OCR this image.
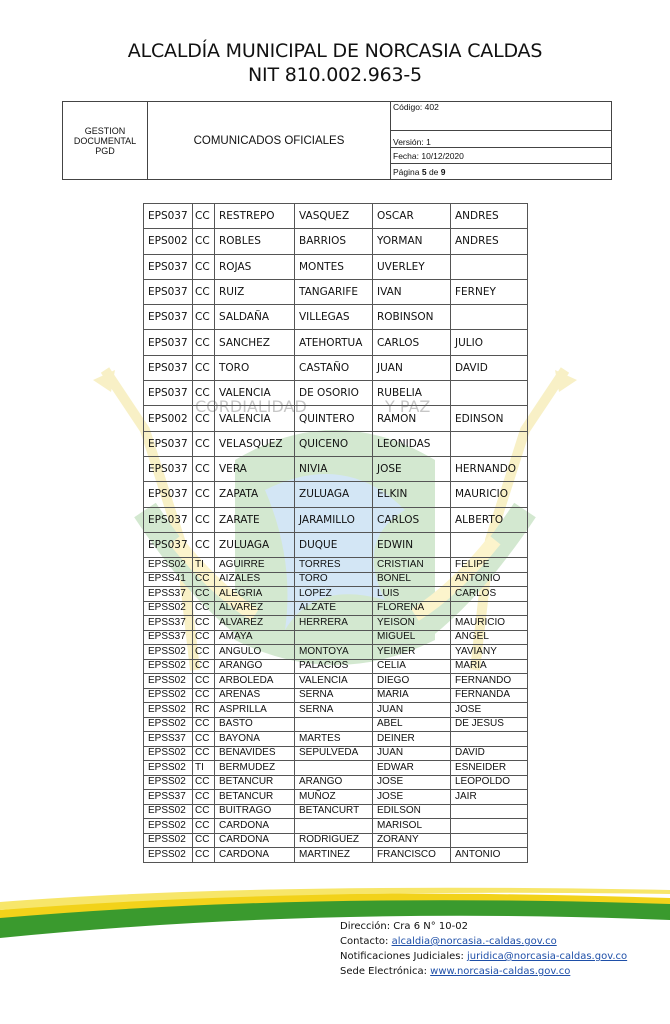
ALCALDÍA MUNICIPAL DE NORCASIA CALDAS
NIT 810.002.963-5
GESTION
DOCUMENTAL
PGD
	COMUNICADOS OFICIALES	Código: 402
Versión: 1
Fecha: 10/12/2020
Página 5 de 9
CORDIALIDAD	Y PAZ
EPS037	CC	RESTREPO	VASQUEZ	OSCAR	ANDRES
EPS002	CC	ROBLES	BARRIOS	YORMAN	ANDRES
EPS037	CC	ROJAS	MONTES	UVERLEY	
EPS037	CC	RUIZ	TANGARIFE	IVAN	FERNEY
EPS037	CC	SALDAÑA	VILLEGAS	ROBINSON	
EPS037	CC	SANCHEZ	ATEHORTUA	CARLOS	JULIO
EPS037	CC	TORO	CASTAÑO	JUAN	DAVID
EPS037	CC	VALENCIA	DE OSORIO	RUBELIA	
EPS002	CC	VALENCIA	QUINTERO	RAMON	EDINSON
EPS037	CC	VELASQUEZ	QUICENO	LEONIDAS	
EPS037	CC	VERA	NIVIA	JOSE	HERNANDO
EPS037	CC	ZAPATA	ZULUAGA	ELKIN	MAURICIO
EPS037	CC	ZARATE	JARAMILLO	CARLOS	ALBERTO
EPS037	CC	ZULUAGA	DUQUE	EDWIN	
EPSS02	TI	AGUIRRE	TORRES	CRISTIAN	FELIPE
EPSS41	CC	AIZALES	TORO	BONEL	ANTONIO
EPSS37	CC	ALEGRIA	LOPEZ	LUIS	CARLOS
EPSS02	CC	ALVAREZ	ALZATE	FLORENA	
EPSS37	CC	ALVAREZ	HERRERA	YEISON	MAURICIO
EPSS37	CC	AMAYA		MIGUEL	ANGEL
EPSS02	CC	ANGULO	MONTOYA	YEIMER	YAVIANY
EPSS02	CC	ARANGO	PALACIOS	CELIA	MARIA
EPSS02	CC	ARBOLEDA	VALENCIA	DIEGO	FERNANDO
EPSS02	CC	ARENAS	SERNA	MARIA	FERNANDA
EPSS02	RC	ASPRILLA	SERNA	JUAN	JOSE
EPSS02	CC	BASTO		ABEL	DE JESUS
EPSS37	CC	BAYONA	MARTES	DEINER	
EPSS02	CC	BENAVIDES	SEPULVEDA	JUAN	DAVID
EPSS02	TI	BERMUDEZ		EDWAR	ESNEIDER
EPSS02	CC	BETANCUR	ARANGO	JOSE	LEOPOLDO
EPSS37	CC	BETANCUR	MUÑOZ	JOSE	JAIR
EPSS02	CC	BUITRAGO	BETANCURT	EDILSON	
EPSS02	CC	CARDONA		MARISOL	
EPSS02	CC	CARDONA	RODRIGUEZ	ZORANY	
EPSS02	CC	CARDONA	MARTINEZ	FRANCISCO	ANTONIO
Dirección: Cra 6 N° 10-02
Contacto: alcaldia@norcasia.-caldas.gov.co
Notificaciones Judiciales: juridica@norcasia-caldas.gov.co
Sede Electrónica: www.norcasia-caldas.gov.co
